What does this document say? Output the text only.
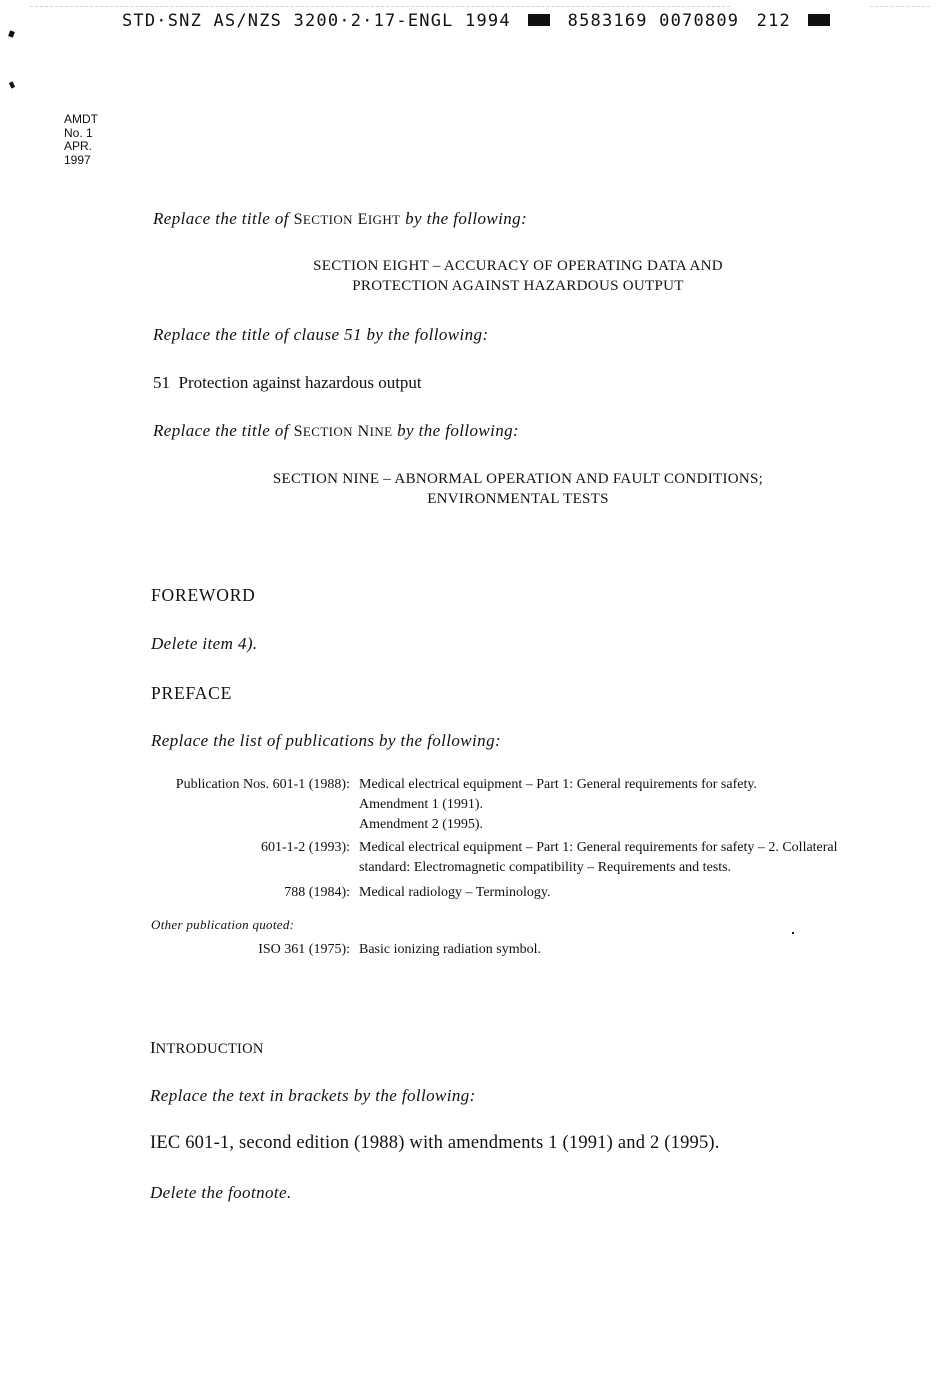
STD·SNZ AS/NZS 3200·2·17-ENGL 1994	8583169 0070809 212
AMDT
No. 1
APR.
1997
Replace the title of SECTION EIGHT by the following:
SECTION EIGHT – ACCURACY OF OPERATING DATA AND
PROTECTION AGAINST HAZARDOUS OUTPUT
Replace the title of clause 51 by the following:
51  Protection against hazardous output
Replace the title of SECTION NINE by the following:
SECTION NINE – ABNORMAL OPERATION AND FAULT CONDITIONS;
ENVIRONMENTAL TESTS
FOREWORD
Delete item 4).
PREFACE
Replace the list of publications by the following:
Publication Nos. 601-1 (1988): Medical electrical equipment – Part 1: General requirements for safety.
Amendment 1 (1991).
Amendment 2 (1995).
601-1-2 (1993): Medical electrical equipment – Part 1: General requirements for safety – 2. Collateral
standard: Electromagnetic compatibility – Requirements and tests.
788 (1984): Medical radiology – Terminology.
Other publication quoted:
ISO 361 (1975): Basic ionizing radiation symbol.
INTRODUCTION
Replace the text in brackets by the following:
IEC 601-1, second edition (1988) with amendments 1 (1991) and 2 (1995).
Delete the footnote.
